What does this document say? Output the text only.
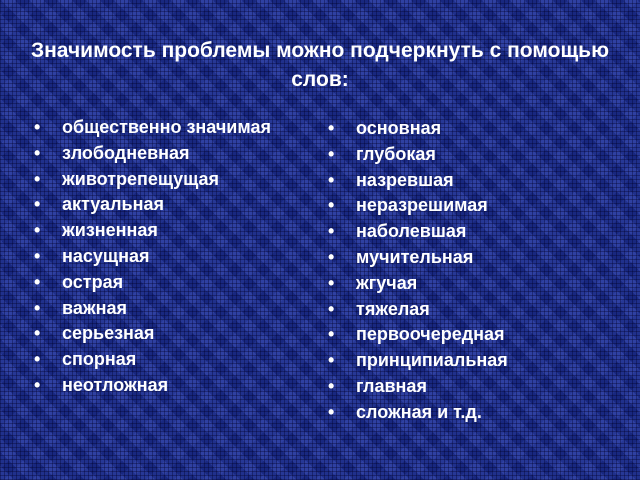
Значимость проблемы можно подчеркнуть с помощью слов:
• общественно значимая
• злободневная
• животрепещущая
• актуальная
• жизненная
• насущная
• острая
• важная
• серьезная
• спорная
• неотложная
• основная
• глубокая
• назревшая
• неразрешимая
• наболевшая
• мучительная
• жгучая
• тяжелая
• первоочередная
• принципиальная
• главная
• сложная и т.д.
